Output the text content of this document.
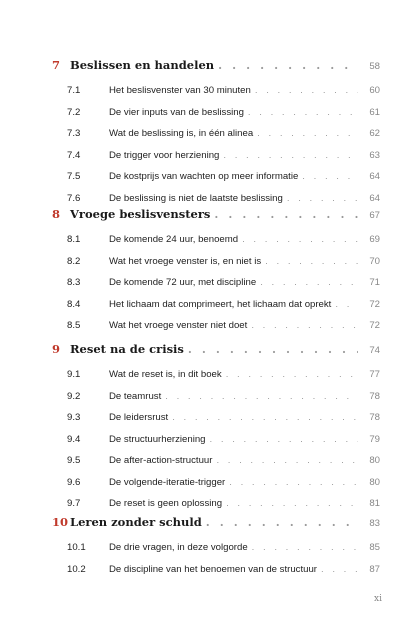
7 Beslissen en handelen . . .	58
7.1	Het beslisvenster van 30 minuten . . .	60
7.2	De vier inputs van de beslissing . . .	61
7.3	Wat de beslissing is, in één alinea . . .	62
7.4	De trigger voor herziening . . .	63
7.5	De kostprijs van wachten op meer informatie . . .	64
7.6	De beslissing is niet de laatste beslissing . . .	64
8 Vroege beslisvensters . . .	67
8.1	De komende 24 uur, benoemd . . .	69
8.2	Wat het vroege venster is, en niet is . . .	70
8.3	De komende 72 uur, met discipline . . .	71
8.4	Het lichaam dat comprimeert, het lichaam dat oprekt . . .	72
8.5	Wat het vroege venster niet doet . . .	72
9 Reset na de crisis . . .	74
9.1	Wat de reset is, in dit boek . . .	77
9.2	De teamrust . . .	78
9.3	De leidersrust . . .	78
9.4	De structuurherziening . . .	79
9.5	De after-action-structuur . . .	80
9.6	De volgende-iteratie-trigger . . .	80
9.7	De reset is geen oplossing . . .	81
10 Leren zonder schuld . . .	83
10.1	De drie vragen, in deze volgorde . . .	85
10.2	De discipline van het benoemen van de structuur . . .	87
xi
